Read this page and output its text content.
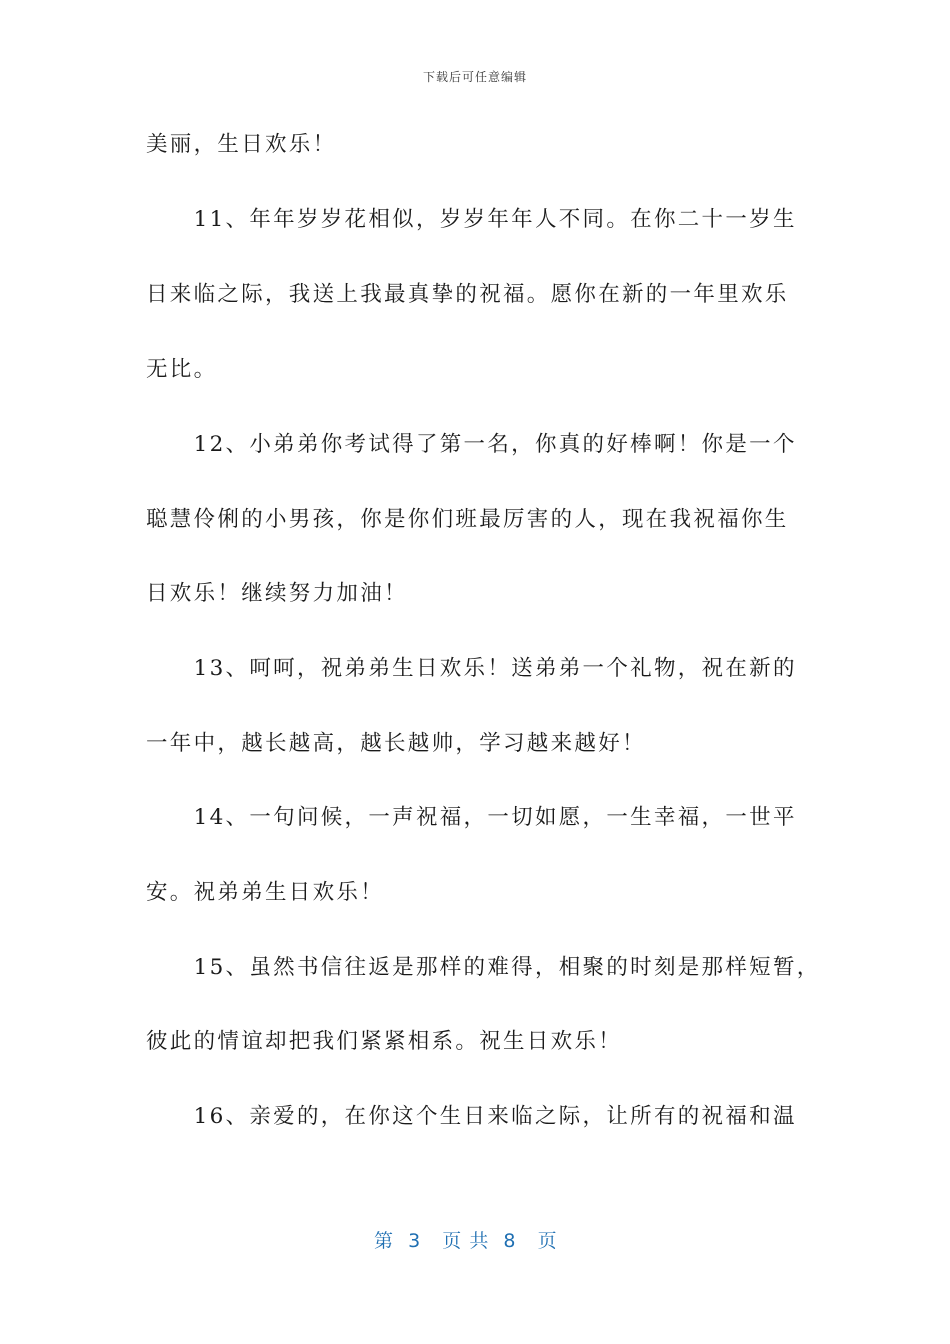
下载后可任意编辑
美丽，生日欢乐！
　　11、年年岁岁花相似，岁岁年年人不同。在你二十一岁生
日来临之际，我送上我最真挚的祝福。愿你在新的一年里欢乐
无比。
　　12、小弟弟你考试得了第一名，你真的好棒啊！你是一个
聪慧伶俐的小男孩，你是你们班最厉害的人，现在我祝福你生
日欢乐！继续努力加油！
　　13、呵呵，祝弟弟生日欢乐！送弟弟一个礼物，祝在新的
一年中，越长越高，越长越帅，学习越来越好！
　　14、一句问候，一声祝福，一切如愿，一生幸福，一世平
安。祝弟弟生日欢乐！
　　15、虽然书信往返是那样的难得，相聚的时刻是那样短暂，
彼此的情谊却把我们紧紧相系。祝生日欢乐！
　　16、亲爱的，在你这个生日来临之际，让所有的祝福和温
第  3   页 共  8   页
